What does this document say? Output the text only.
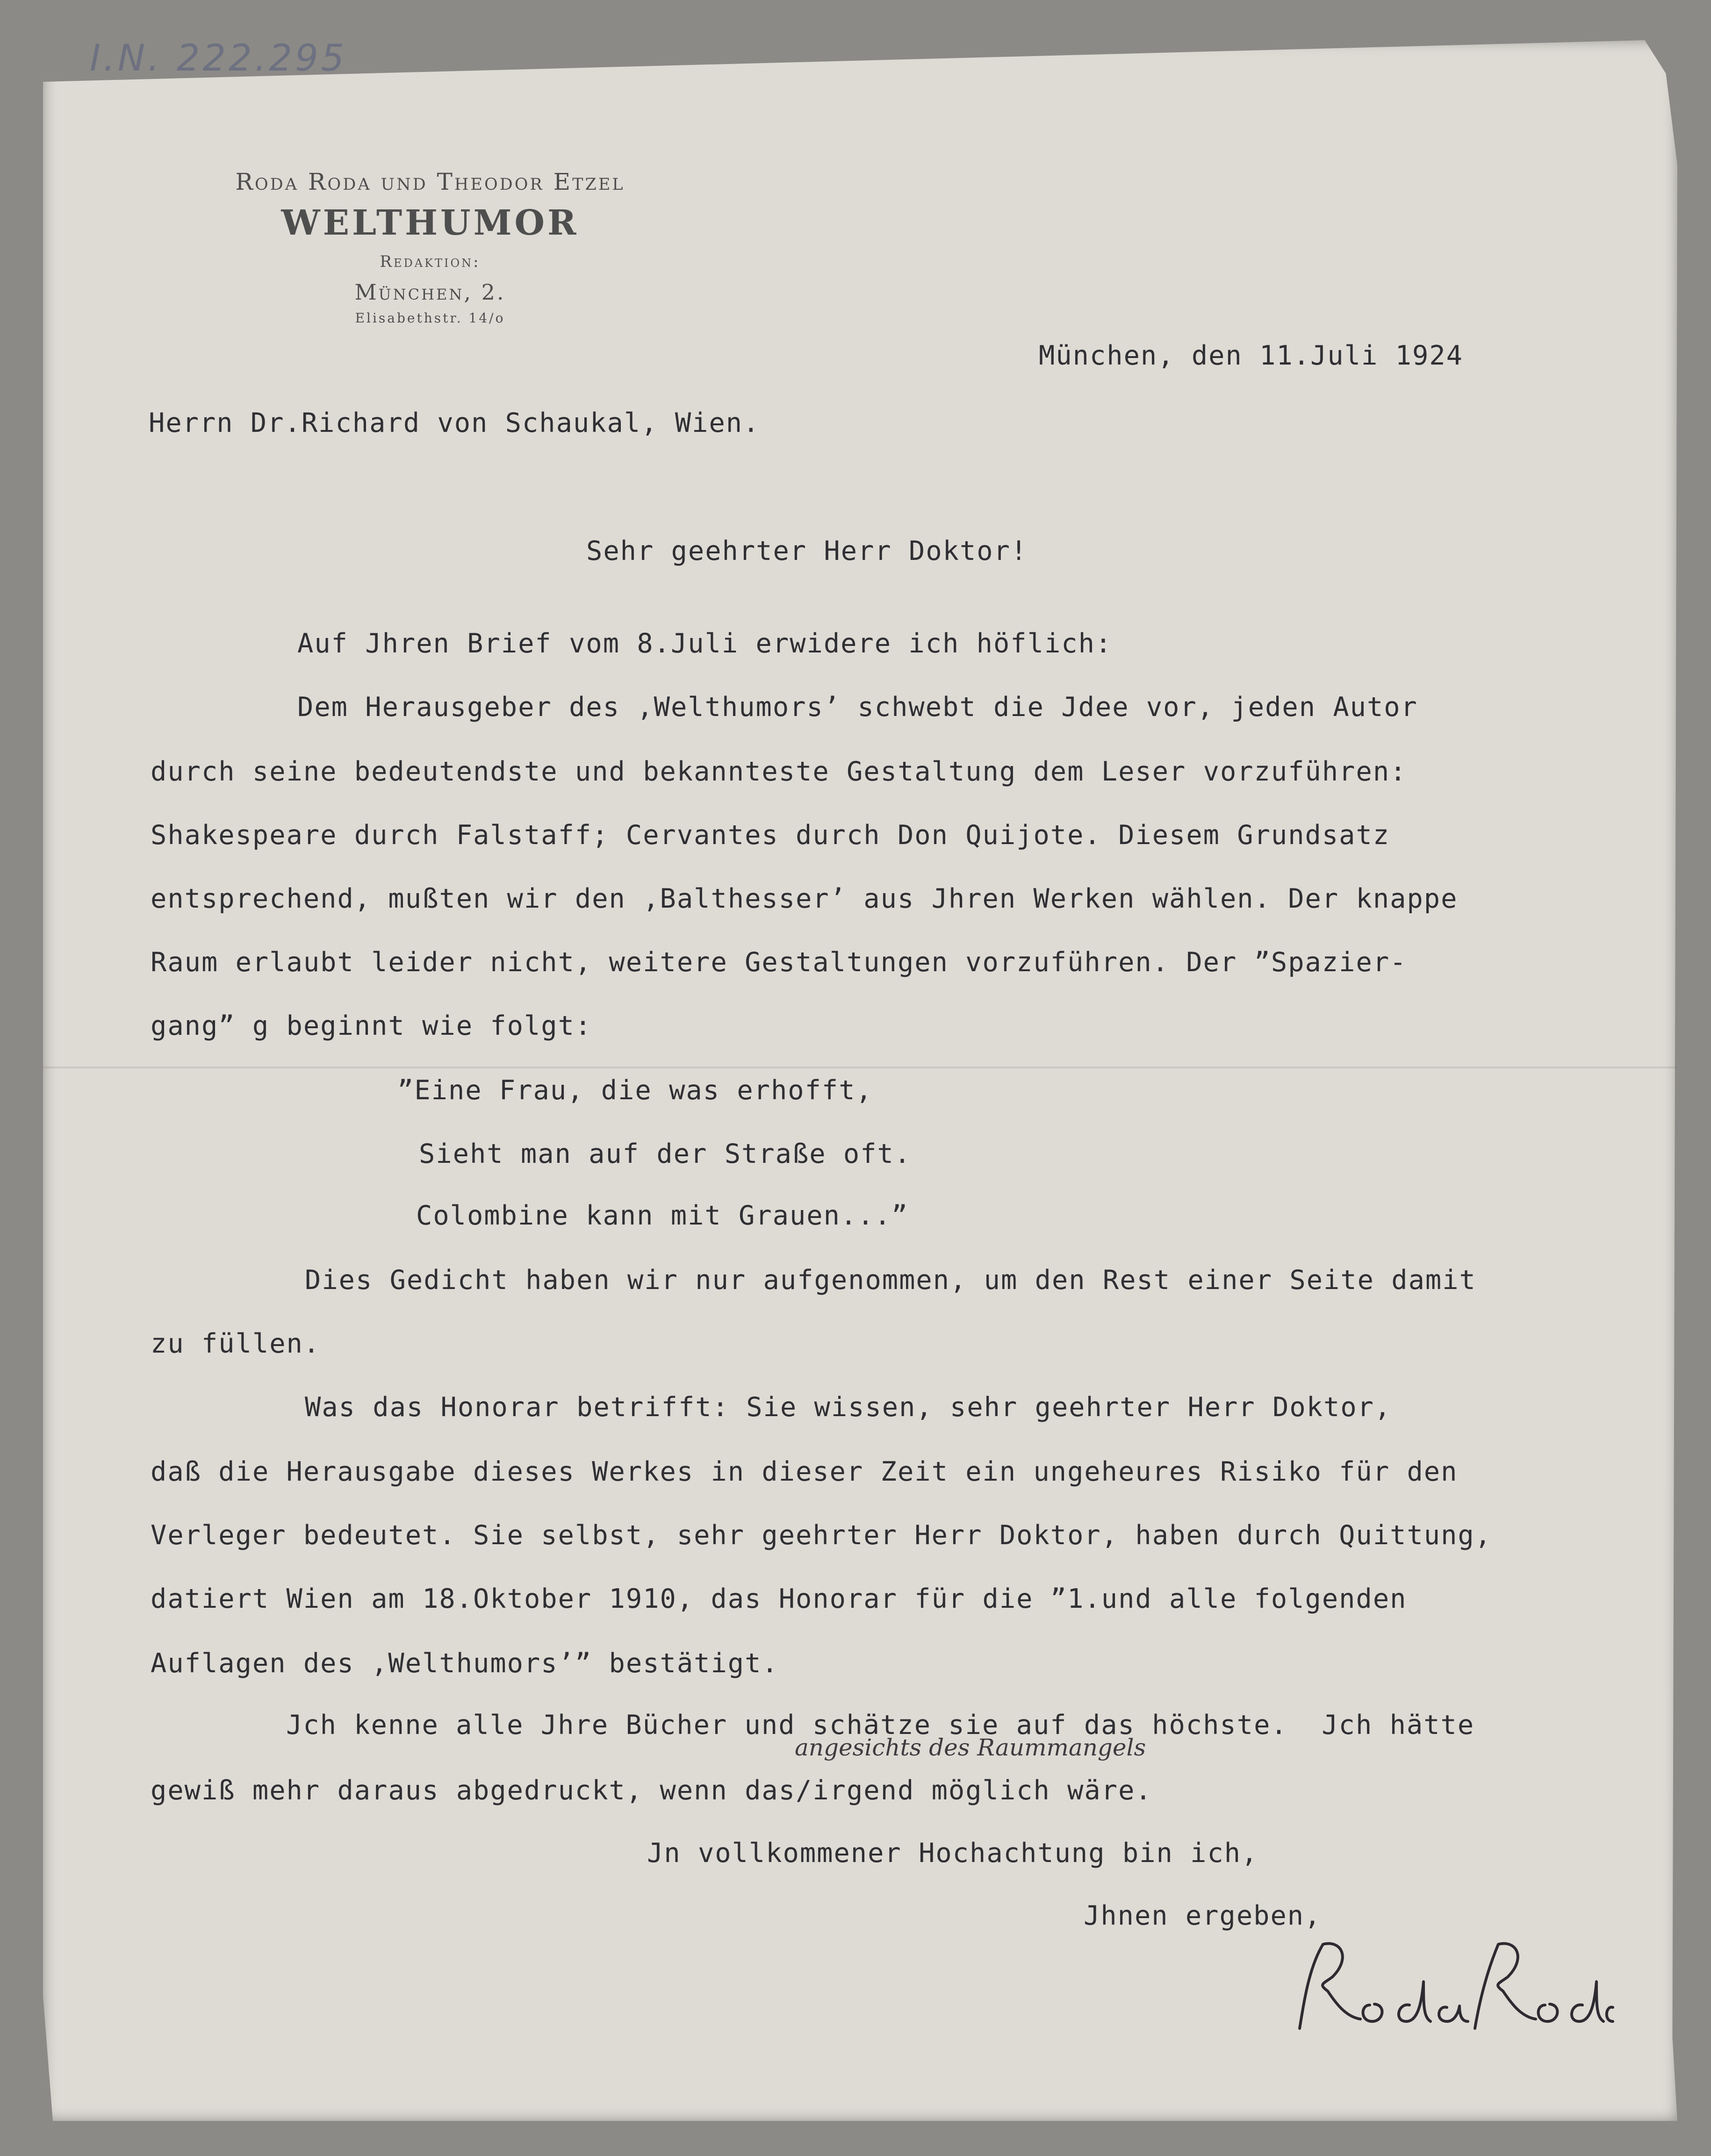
I.N. 222.295

Roda Roda und Theodor Etzel

WELTHUMOR

Redaktion:

München, 2.

Elisabethstr. 14/o

München, den 11.Juli 1924

Herrn Dr.Richard von Schaukal, Wien.

Sehr geehrter Herr Doktor!

Auf Jhren Brief vom 8.Juli erwidere ich höflich:

Dem Herausgeber des ‚Welthumors’ schwebt die Jdee vor, jeden Autor

durch seine bedeutendste und bekannteste Gestaltung dem Leser vorzuführen:

Shakespeare durch Falstaff; Cervantes durch Don Quijote. Diesem Grundsatz

entsprechend, mußten wir den ‚Balthesser’ aus Jhren Werken wählen. Der knappe

Raum erlaubt leider nicht, weitere Gestaltungen vorzuführen. Der ”Spazier-

gang” g beginnt wie folgt:

”Eine Frau, die was erhofft,

Sieht man auf der Straße oft.

Colombine kann mit Grauen...”

Dies Gedicht haben wir nur aufgenommen, um den Rest einer Seite damit

zu füllen.

Was das Honorar betrifft: Sie wissen, sehr geehrter Herr Doktor,

daß die Herausgabe dieses Werkes in dieser Zeit ein ungeheures Risiko für den

Verleger bedeutet. Sie selbst, sehr geehrter Herr Doktor, haben durch Quittung,

datiert Wien am 18.Oktober 1910, das Honorar für die ”1.und alle folgenden

Auflagen des ‚Welthumors’” bestätigt.

Jch kenne alle Jhre Bücher und schätze sie auf das höchste.  Jch hätte

angesichts des Raummangels

gewiß mehr daraus abgedruckt, wenn das/irgend möglich wäre.

Jn vollkommener Hochachtung bin ich,

Jhnen ergeben,
